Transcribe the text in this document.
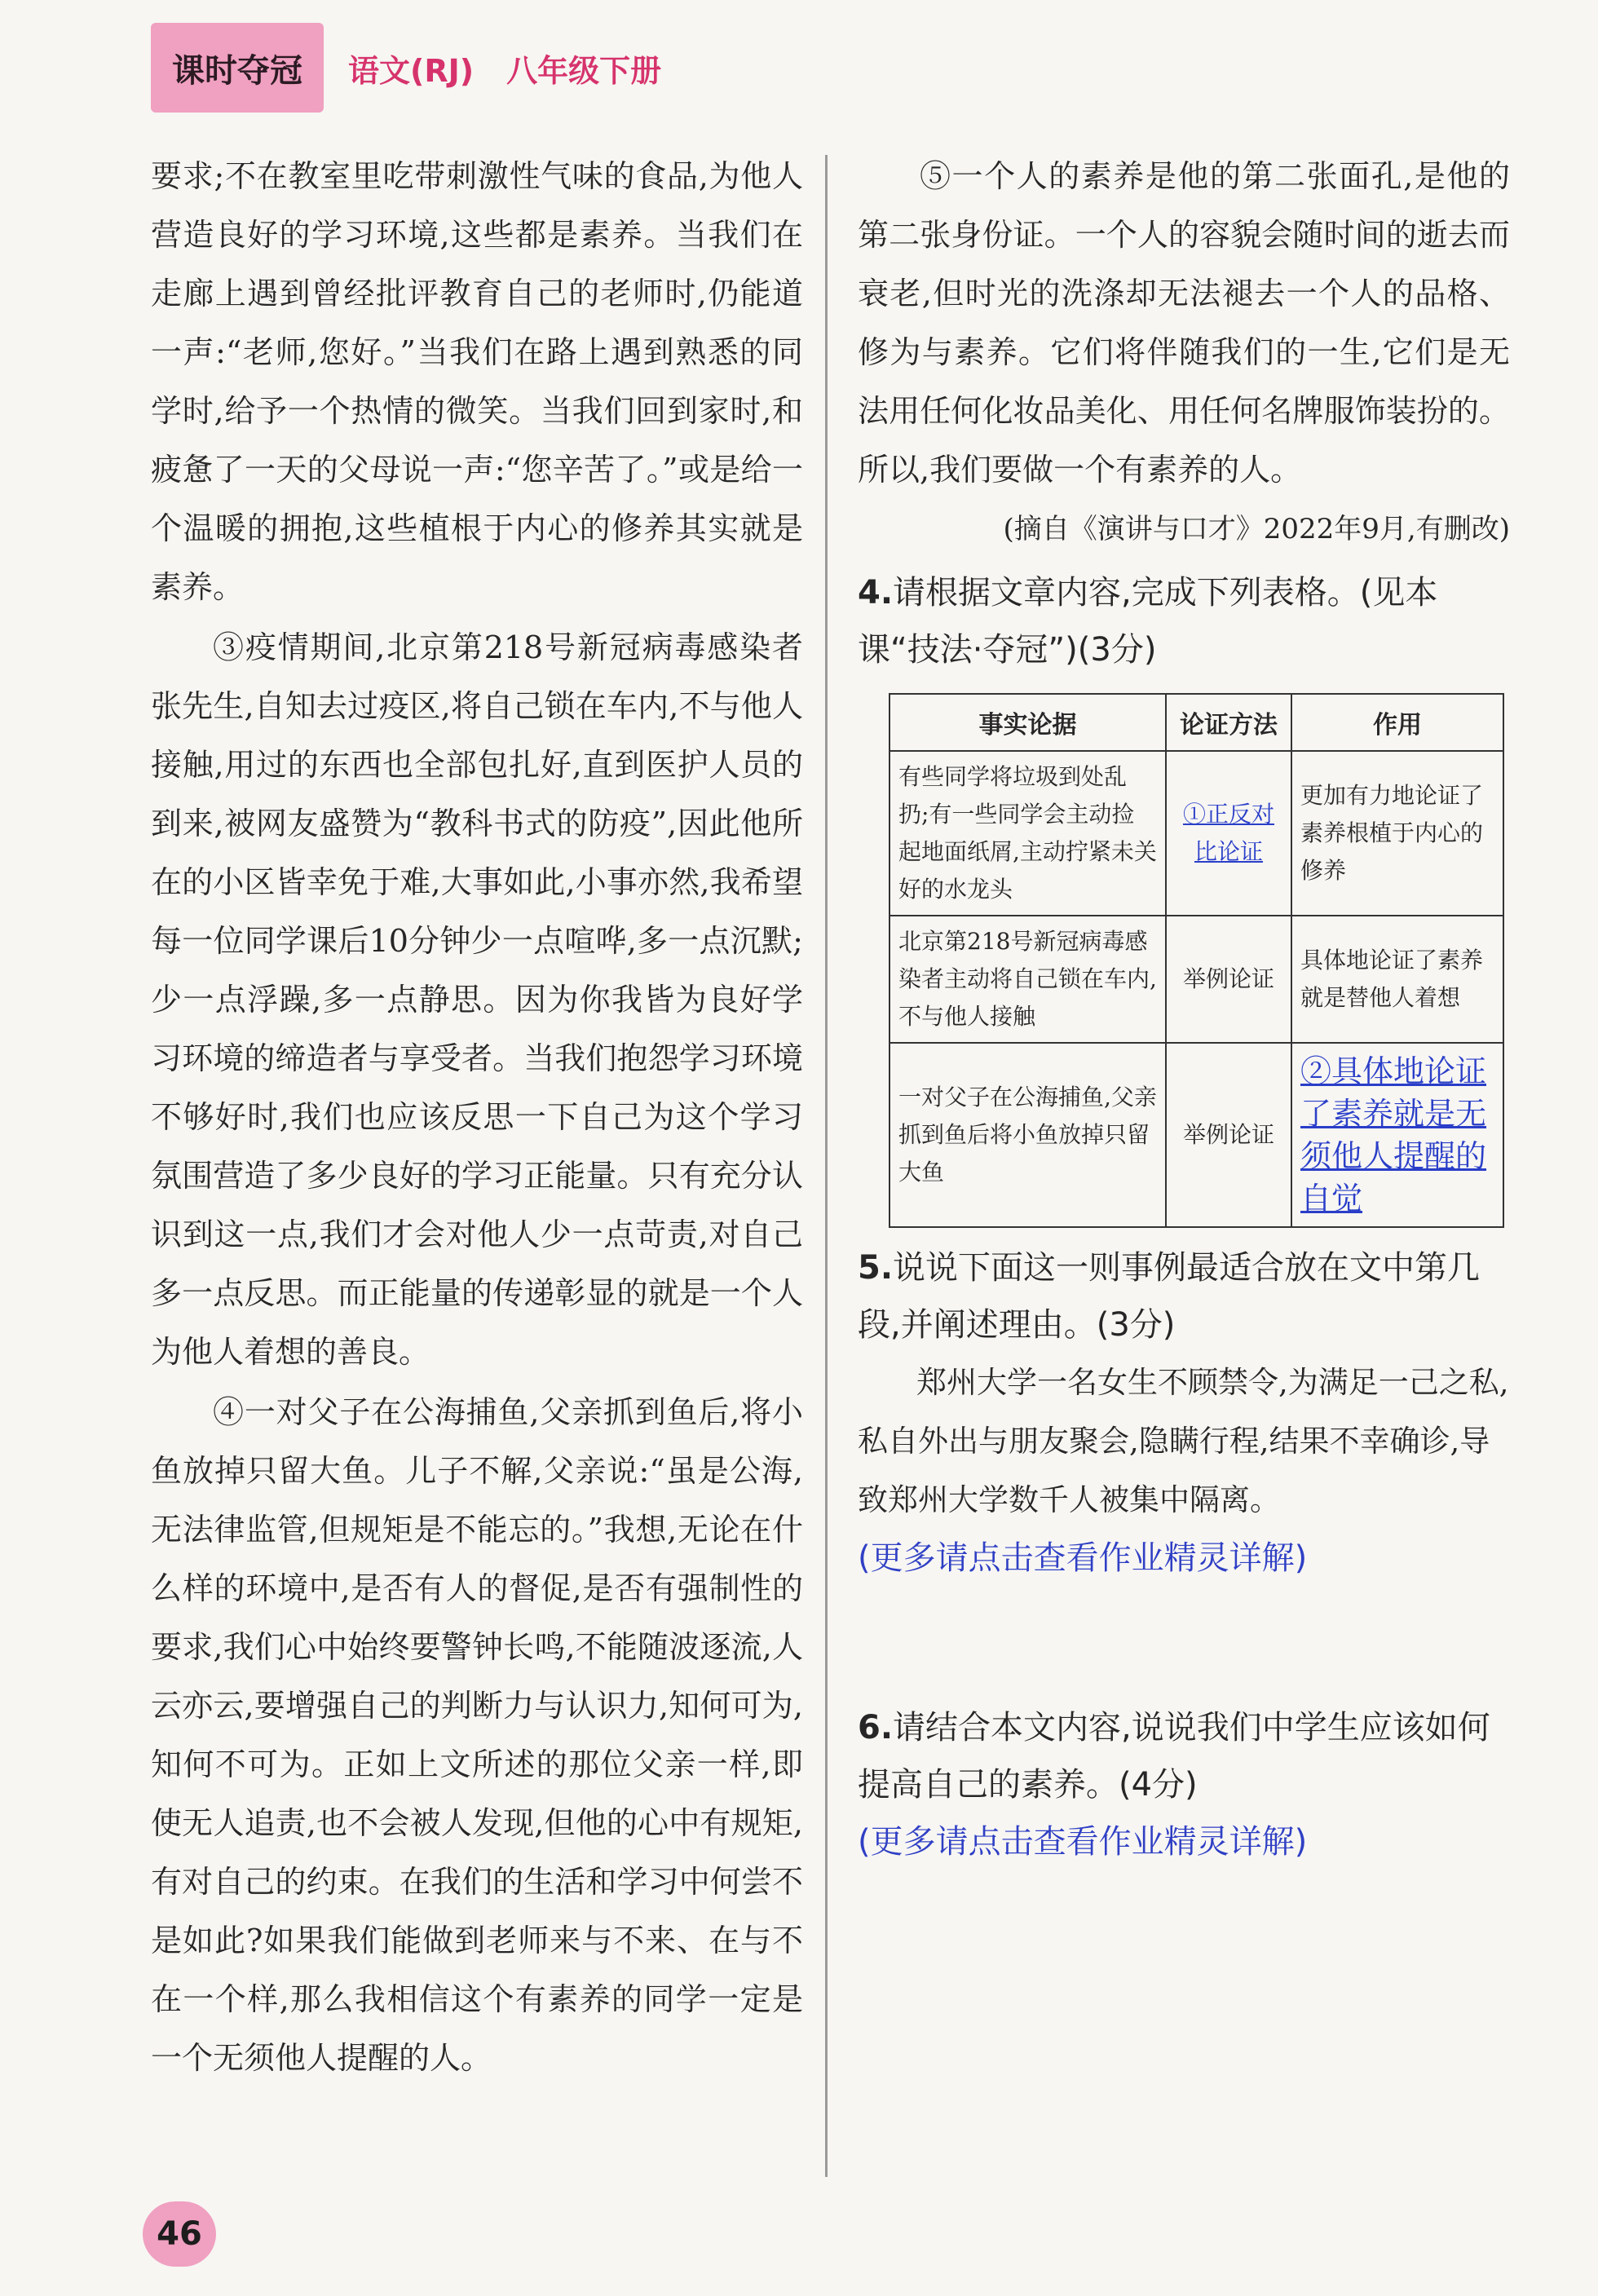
课时夺冠	语文(RJ) 八年级下册

要求;不在教室里吃带刺激性气味的食品,为他人营造良好的学习环境,这些都是素养。当我们在走廊上遇到曾经批评教育自己的老师时,仍能道一声:“老师,您好。”当我们在路上遇到熟悉的同学时,给予一个热情的微笑。当我们回到家时,和疲惫了一天的父母说一声:“您辛苦了。”或是给一个温暖的拥抱,这些植根于内心的修养其实就是素养。

③疫情期间,北京第218号新冠病毒感染者张先生,自知去过疫区,将自己锁在车内,不与他人接触,用过的东西也全部包扎好,直到医护人员的到来,被网友盛赞为“教科书式的防疫”,因此他所在的小区皆幸免于难,大事如此,小事亦然,我希望每一位同学课后10分钟少一点喧哗,多一点沉默;少一点浮躁,多一点静思。因为你我皆为良好学习环境的缔造者与享受者。当我们抱怨学习环境不够好时,我们也应该反思一下自己为这个学习氛围营造了多少良好的学习正能量。只有充分认识到这一点,我们才会对他人少一点苛责,对自己多一点反思。而正能量的传递彰显的就是一个人为他人着想的善良。

④一对父子在公海捕鱼,父亲抓到鱼后,将小鱼放掉只留大鱼。儿子不解,父亲说:“虽是公海,无法律监管,但规矩是不能忘的。”我想,无论在什么样的环境中,是否有人的督促,是否有强制性的要求,我们心中始终要警钟长鸣,不能随波逐流,人云亦云,要增强自己的判断力与认识力,知何可为,知何不可为。正如上文所述的那位父亲一样,即使无人追责,也不会被人发现,但他的心中有规矩,有对自己的约束。在我们的生活和学习中何尝不是如此?如果我们能做到老师来与不来、在与不在一个样,那么我相信这个有素养的同学一定是一个无须他人提醒的人。

⑤一个人的素养是他的第二张面孔,是他的第二张身份证。一个人的容貌会随时间的逝去而衰老,但时光的洗涤却无法褪去一个人的品格、修为与素养。它们将伴随我们的一生,它们是无法用任何化妆品美化、用任何名牌服饰装扮的。所以,我们要做一个有素养的人。

(摘自《演讲与口才》2022年9月,有删改)

4.请根据文章内容,完成下列表格。(见本课“技法·夺冠”)(3分)

事实论据	论证方法	作用
有些同学将垃圾到处乱扔;有一些同学会主动捡起地面纸屑,主动拧紧未关好的水龙头	①正反对比论证	更加有力地论证了素养根植于内心的修养
北京第218号新冠病毒感染者主动将自己锁在车内,不与他人接触	举例论证	具体地论证了素养就是替他人着想
一对父子在公海捕鱼,父亲抓到鱼后将小鱼放掉只留大鱼	举例论证	②具体地论证了素养就是无须他人提醒的自觉

5.说说下面这一则事例最适合放在文中第几段,并阐述理由。(3分)

郑州大学一名女生不顾禁令,为满足一己之私,私自外出与朋友聚会,隐瞒行程,结果不幸确诊,导致郑州大学数千人被集中隔离。

(更多请点击查看作业精灵详解)

6.请结合本文内容,说说我们中学生应该如何提高自己的素养。(4分)

(更多请点击查看作业精灵详解)

46
